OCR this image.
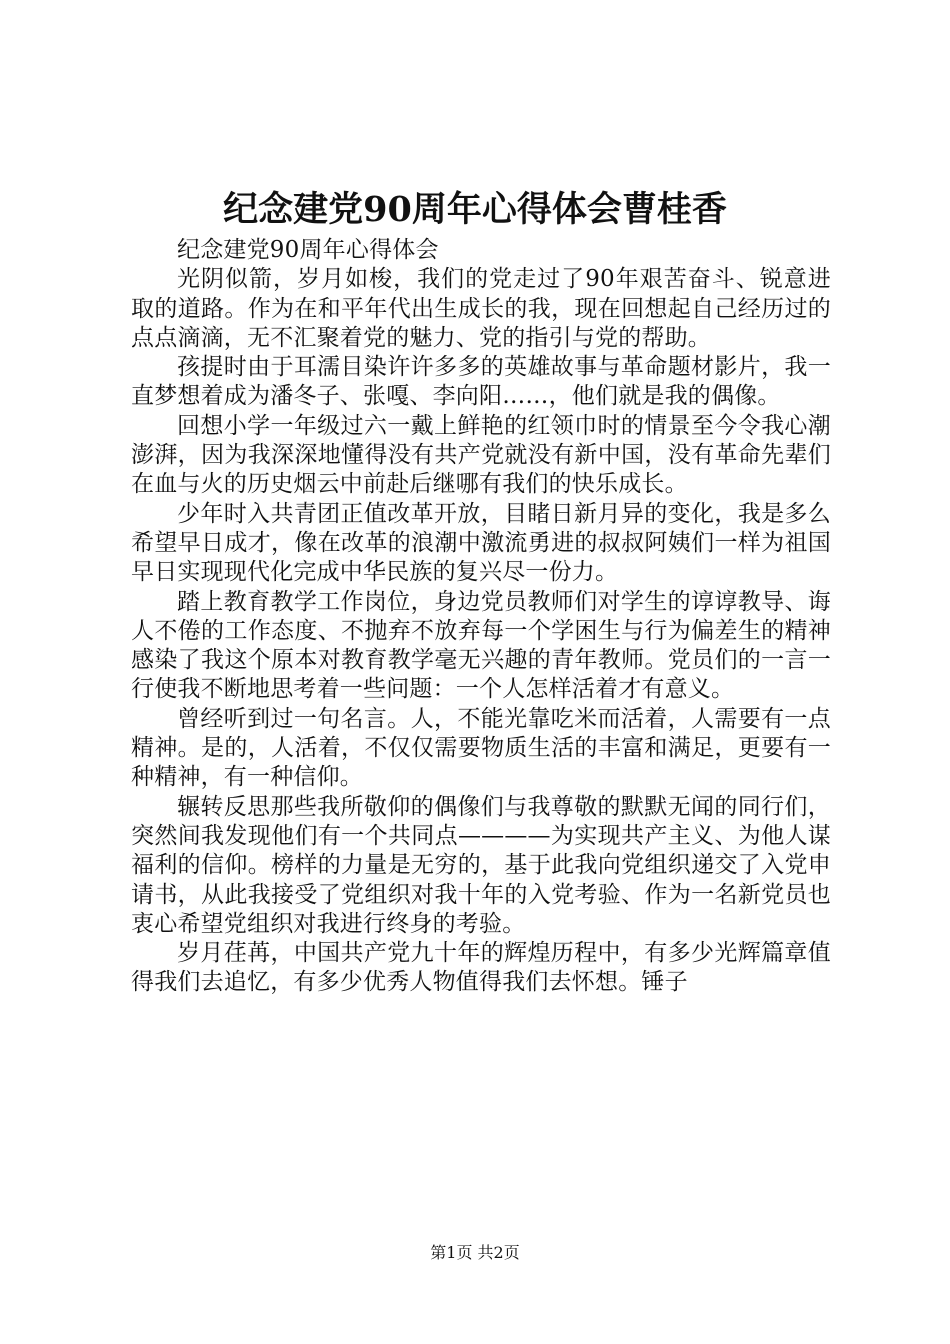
纪念建党90周年心得体会曹桂香

纪念建党90周年心得体会

光阴似箭，岁月如梭，我们的党走过了90年艰苦奋斗、锐意进取的道路。作为在和平年代出生成长的我，现在回想起自己经历过的点点滴滴，无不汇聚着党的魅力、党的指引与党的帮助。

孩提时由于耳濡目染许许多多的英雄故事与革命题材影片，我一直梦想着成为潘冬子、张嘎、李向阳……，他们就是我的偶像。

回想小学一年级过六一戴上鲜艳的红领巾时的情景至今令我心潮澎湃，因为我深深地懂得没有共产党就没有新中国，没有革命先辈们在血与火的历史烟云中前赴后继哪有我们的快乐成长。

少年时入共青团正值改革开放，目睹日新月异的变化，我是多么希望早日成才，像在改革的浪潮中激流勇进的叔叔阿姨们一样为祖国早日实现现代化完成中华民族的复兴尽一份力。

踏上教育教学工作岗位，身边党员教师们对学生的谆谆教导、诲人不倦的工作态度、不抛弃不放弃每一个学困生与行为偏差生的精神感染了我这个原本对教育教学毫无兴趣的青年教师。党员们的一言一行使我不断地思考着一些问题：一个人怎样活着才有意义。

曾经听到过一句名言。人，不能光靠吃米而活着，人需要有一点精神。是的，人活着，不仅仅需要物质生活的丰富和满足，更要有一种精神，有一种信仰。

辗转反思那些我所敬仰的偶像们与我尊敬的默默无闻的同行们，突然间我发现他们有一个共同点————为实现共产主义、为他人谋福利的信仰。榜样的力量是无穷的，基于此我向党组织递交了入党申请书，从此我接受了党组织对我十年的入党考验、作为一名新党员也衷心希望党组织对我进行终身的考验。

岁月荏苒，中国共产党九十年的辉煌历程中，有多少光辉篇章值得我们去追忆，有多少优秀人物值得我们去怀想。锤子

第1页 共2页
